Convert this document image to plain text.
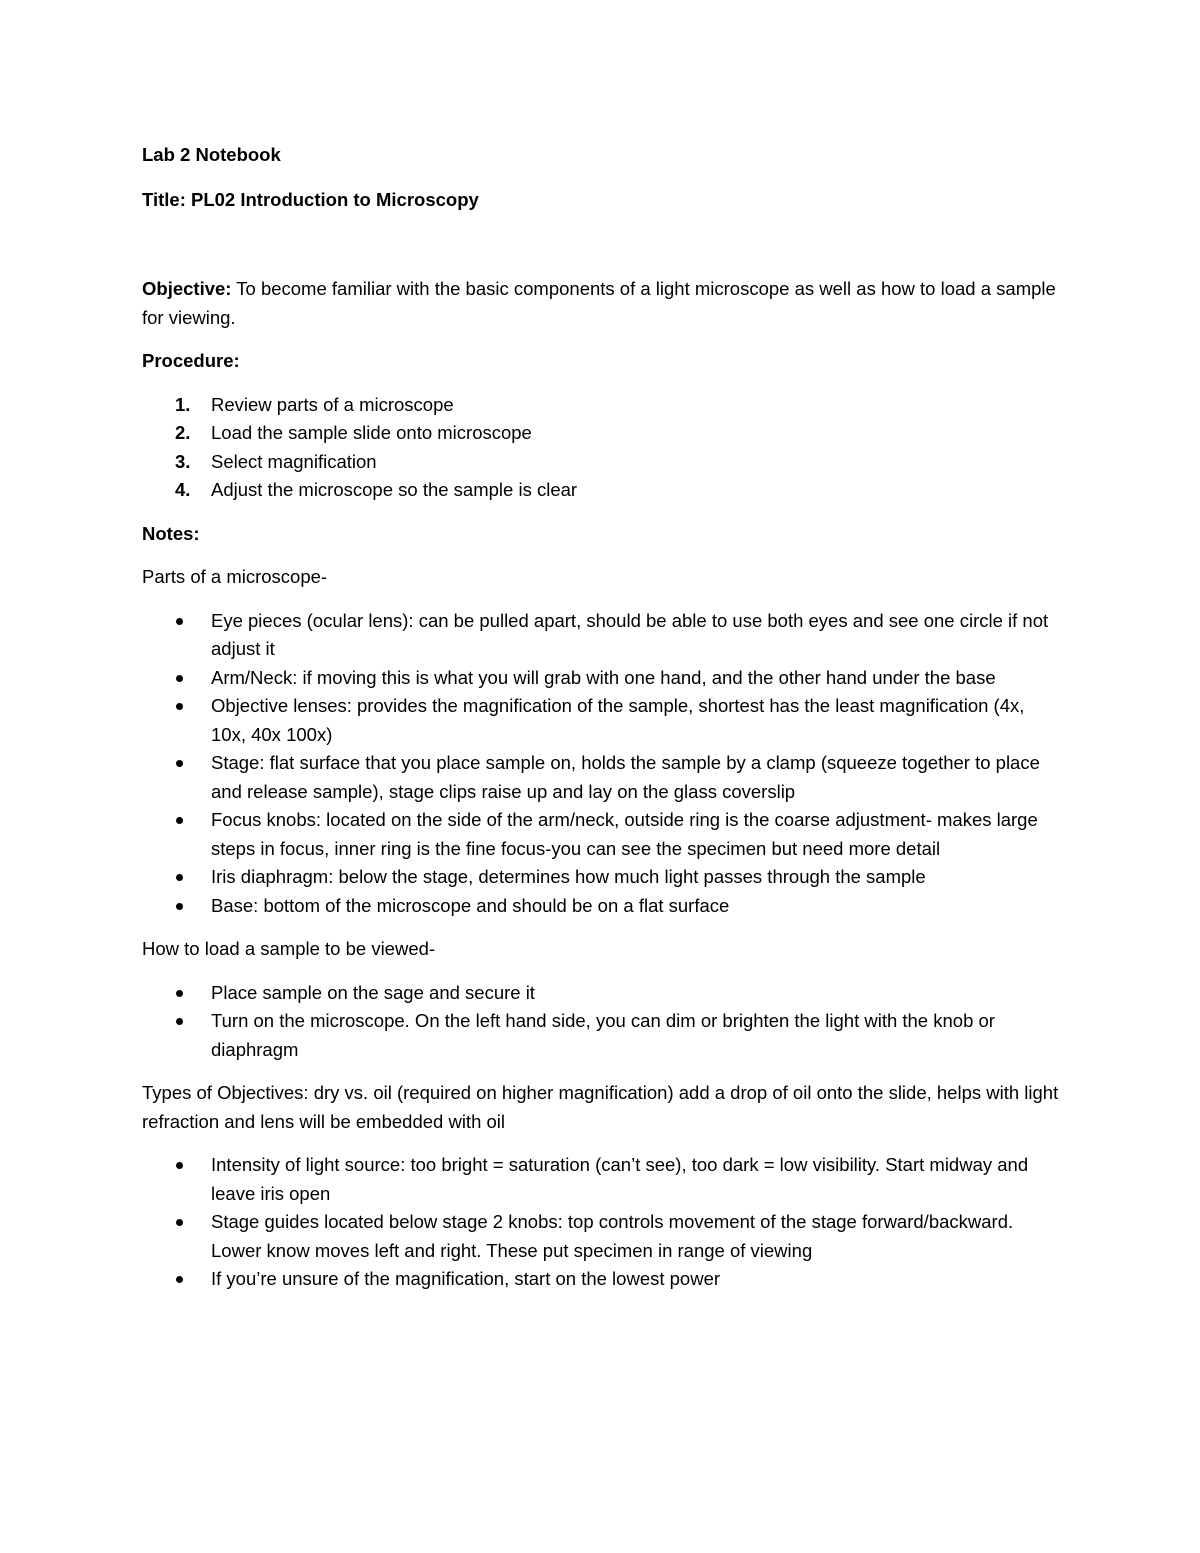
Lab 2 Notebook

Title: PL02 Introduction to Microscopy

Objective: To become familiar with the basic components of a light microscope as well as how to load a sample for viewing.

Procedure:

1. Review parts of a microscope
2. Load the sample slide onto microscope
3. Select magnification
4. Adjust the microscope so the sample is clear

Notes:

Parts of a microscope-

Eye pieces (ocular lens): can be pulled apart, should be able to use both eyes and see one circle if not adjust it
Arm/Neck: if moving this is what you will grab with one hand, and the other hand under the base
Objective lenses: provides the magnification of the sample, shortest has the least magnification (4x, 10x, 40x 100x)
Stage: flat surface that you place sample on, holds the sample by a clamp (squeeze together to place and release sample), stage clips raise up and lay on the glass coverslip
Focus knobs: located on the side of the arm/neck, outside ring is the coarse adjustment- makes large steps in focus, inner ring is the fine focus-you can see the specimen but need more detail
Iris diaphragm: below the stage, determines how much light passes through the sample
Base: bottom of the microscope and should be on a flat surface

How to load a sample to be viewed-

Place sample on the sage and secure it
Turn on the microscope. On the left hand side, you can dim or brighten the light with the knob or diaphragm

Types of Objectives: dry vs. oil (required on higher magnification) add a drop of oil onto the slide, helps with light refraction and lens will be embedded with oil

Intensity of light source: too bright = saturation (can’t see), too dark = low visibility. Start midway and leave iris open
Stage guides located below stage 2 knobs: top controls movement of the stage forward/backward. Lower know moves left and right. These put specimen in range of viewing
If you’re unsure of the magnification, start on the lowest power
